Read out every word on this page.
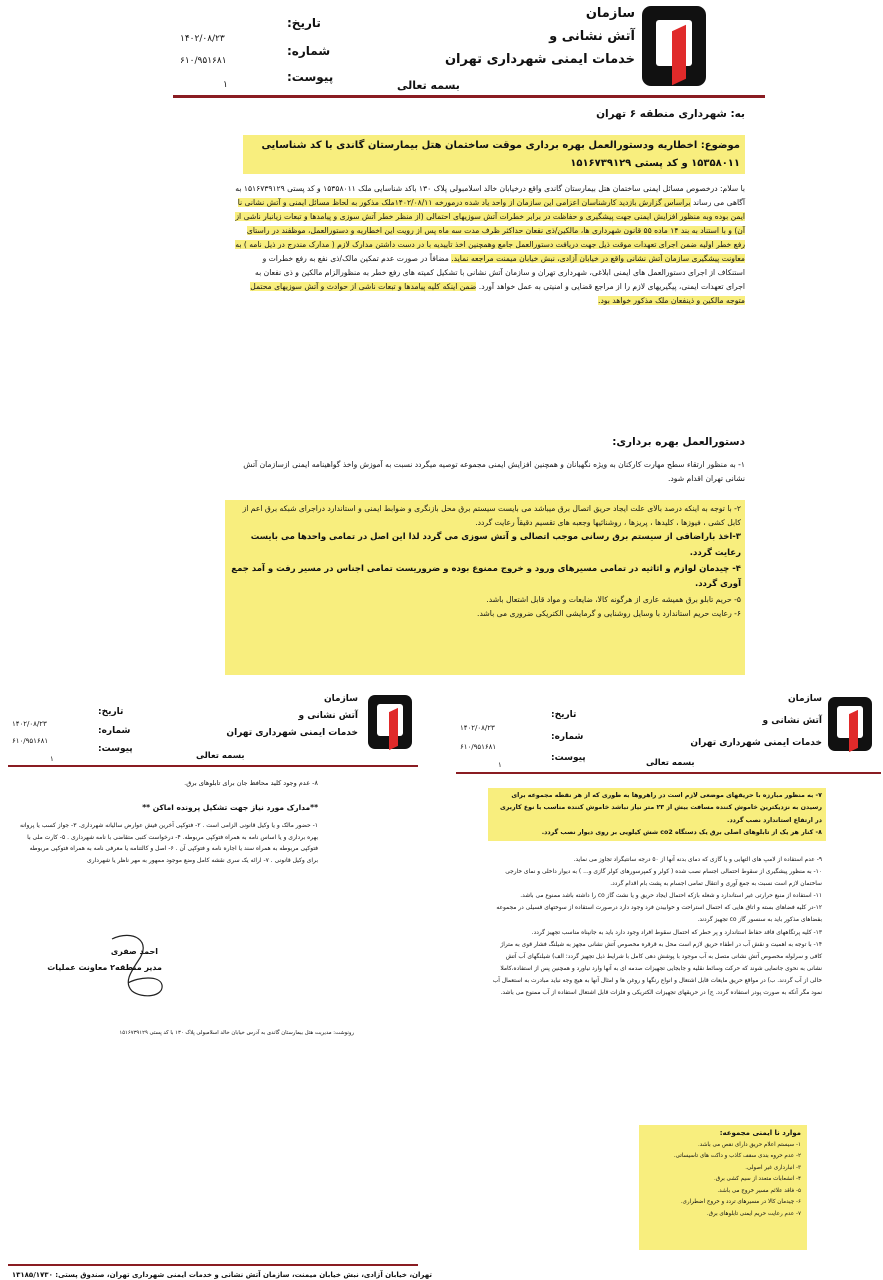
سازمان
آتش نشانی و
خدمات ایمنی شهرداری تهران
تاریخ:
شماره:
پیوست:
۱۴۰۲/۰۸/۲۳
۶۱۰/۹۵۱۶۸۱
۱	بسمه تعالی
به: شهرداری منطقه ۶ تهران
موضوع: اخطاریه ودستورالعمل بهره برداری موقت ساختمان هتل بیمارستان گاندی با کد شناسایی ۱۵۳۵۸۰۱۱ و کد پستی ۱۵۱۶۷۳۹۱۲۹
با سلام: درخصوص مسائل ایمنی ساختمان هتل بیمارستان گاندی واقع درخیابان خالد اسلامبولی پلاک ۱۳۰ باکد شناسایی ملک ۱۵۳۵۸۰۱۱ و کد پستی ۱۵۱۶۷۳۹۱۲۹ به آگاهی می رساند براساس گزارش بازدید کارشناسان اعزامی این سازمان از واحد یاد شده درمورخه ۱۴۰۲/۰۸/۱۱ملک مذکور به لحاظ مسائل ایمنی و آتش نشانی نا ایمن بوده وبه منظور افزایش ایمنی جهت پیشگیری و حفاظت در برابر خطرات آتش سوزیهای احتمالی (از منظر خطر آتش سوزی و پیامدها و تبعات زیانبار ناشی از آن) و با استناد به بند ۱۴ ماده ۵۵ قانون شهرداری ها، مالکین/ذی نفعان حداکثر ظرف مدت سه ماه پس از رویت این اخطاریه و دستورالعمل، موظفند در راستای رفع خطر اولیه ضمن اجرای تعهدات موقت ذیل جهت دریافت دستورالعمل جامع وهمچنین اخذ تاییدیه با در دست داشتن مدارک لازم ( مدارک مندرج در ذیل نامه ) به معاونت پیشگیری سازمان آتش نشانی واقع در خیابان آزادی، نبش خیابان میمنت مراجعه نماید. مضافاً در صورت عدم تمکین مالک/ذی نفع به رفع خطرات و استنکاف از اجرای دستورالعمل های ایمنی ابلاغی، شهرداری تهران و سازمان آتش نشانی با تشکیل کمیته های رفع خطر به منظورالزام مالکین و ذی نفعان به اجرای تعهدات ایمنی، پیگیریهای لازم را از مراجع قضایی و امنیتی به عمل خواهد آورد. ضمن اینکه کلیه پیامدها و تبعات ناشی از حوادث و آتش سوزیهای محتمل متوجه مالکین و ذینفعان ملک مذکور خواهد بود.
دستورالعمل بهره برداری:
۱- به منظور ارتقاء سطح مهارت کارکنان به ویژه نگهبانان و همچنین افزایش ایمنی مجموعه توصیه میگردد نسبت به آموزش واخذ گواهینامه ایمنی ازسازمان آتش نشانی تهران اقدام شود.

۲- با توجه به اینکه درصد بالای علت ایجاد حریق اتصال برق میباشد می بایست سیستم برق محل بازنگری و ضوابط ایمنی و استاندارد دراجرای شبکه برق اعم از کابل کشی ، فیوزها ، کلیدها ، پریزها ، روشنائیها وجعبه های تقسیم دقیقاً رعایت گردد.

۳-اخذ باراضافی از سیستم برق رسانی موجب اتصالی و آتش سوزی می گردد لذا این اصل در تمامی واحدها می بایست رعایت گردد.

۴- چیدمان لوازم و اثاثیه در تمامی مسیرهای ورود و خروج ممنوع بوده و ضروریست تمامی اجناس در مسیر رفت و آمد جمع آوری گردد.

۵- حریم تابلو برق همیشه عاری از هرگونه کالا، ضایعات و مواد قابل اشتعال باشد.

۶- رعایت حریم استاندارد با وسایل روشنایی و گرمایشی الکتریکی ضروری می باشد.

سازمان
آتش نشانی و
خدمات ایمنی شهرداری تهران
تاریخ:
شماره:
پیوست:
۱۴۰۲/۰۸/۲۳
۶۱۰/۹۵۱۶۸۱
۱	بسمه تعالی
۸- عدم وجود کلید محافظ جان برای تابلوهای برق.
**مدارک مورد نیاز جهت تشکیل پرونده اماکن **
۱- حضور مالک و یا وکیل قانونی الزامی است . ۲- فتوکپی آخرین فیش عوارض سالیانه شهرداری. ۳- جواز کسب یا پروانه بهره برداری و یا اساس نامه به همراه فتوکپی مربوطه. ۴- درخواست کتبی متقاضی با نامه شهرداری . ۵- کارت ملی با فتوکپی مربوطه به همراه سند یا اجاره نامه و فتوکپی آن . ۶- اصل و کالتنامه یا معرفی نامه به همراه فتوکپی مربوطه برای وکیل قانونی . ۷- ارائه یک سری نقشه کامل وضع موجود ممهور به مهر ناظر یا شهرداری
احمد صفری
مدیر منطقه۲ معاونت عملیات
رونوشت: مدیریت هتل بیمارستان گاندی به آدرس خیابان خالد اسلامبولی پلاک ۱۳۰ با کد پستی ۱۵۱۶۷۳۹۱۲۹
تهران، خیابان آزادی، نبش خیابان میمنت، سازمان آتش نشانی و خدمات ایمنی شهرداری تهران، صندوق پستی: ۱۳۱۸۵/۱۷۳۰
سازمان
آتش نشانی و
خدمات ایمنی شهرداری تهران
تاریخ:
شماره:
پیوست:
۱۴۰۲/۰۸/۲۳
۶۱۰/۹۵۱۶۸۱
۱	بسمه تعالی

۷- به منظور مبارزه با حریقهای موضعی لازم است در راهروها به طوری که از هر نقطه مجموعه برای رسیدن به نزدیکترین خاموش کننده مسافت بیش از ۲۳ متر نیاز نباشد خاموش کننده مناسب با نوع کاربری در ارتفاع استاندارد نصب گردد.

۸- کنار هر یک از تابلوهای اصلی برق یک دستگاه co2 شش کیلویی بر روی دیوار نصب گردد.

۹- عدم استفاده از لامپ های التهابی و یا گازی که دمای بدنه آنها از ۵۰ درجه سانتیگراد تجاوز می نماید.

۱۰- به منظور پیشگیری از سقوط احتمالی اجسام نصب شده ( کولر و کمپرسورهای کولر گازی و... ) به دیوار داخلی و نمای خارجی ساختمان لازم است نسبت به جمع آوری و انتقال تمامی اجسام به پشت بام اقدام گردد.

۱۱- استفاده از منبع حرارتی غیر استاندارد و شعله بازکه احتمال ایجاد حریق و یا نشت گاز co را داشته باشد ممنوع می باشد.

۱۲-در کلیه فضاهای بسته و اتاق هایی که احتمال استراحت و خوابیدن فرد وجود دارد درصورت استفاده از سوختهای فسیلی در مجموعه بفضاهای مذکور باید به سنسور گاز co تجهیز گردند.

۱۳- کلیه پرتگاههای فاقد حفاظ استاندارد و پر خطر که احتمال سقوط افراد وجود دارد باید به جانپناه مناسب تجهیز گردد.

۱۴- با توجه به اهمیت و نقش آب در اطفاء حریق لازم است محل به قرقره مخصوص آتش نشانی مجهز به شیلنگ فشار قوی به متراژ کافی و سرلوله مخصوص آتش نشانی متصل به آب موجود با پوشش دهی کامل با شرایط ذیل تجهیز گردد: الف) شیلنگهای آب آتش نشانی به نحوی جانمایی شوند که حرکت وسائط نقلیه و جابجایی تجهیزات صدمه ای به آنها وارد نیاورد و همچنین پس از استفاده،کاملا خالی از آب گردند. ب) در مواقع حریق مایعات قابل اشتعال و انواع رنگها و روغن ها و امثال آنها به هیچ وجه نباید مبادرت به استعمال آب نمود مگر آنکه به صورت پودر استفاده گردد. ج) در حریقهای تجهیزات الکتریکی و فلزات قابل اشتعال استفاده از آب ممنوع می باشد.

موارد نا ایمنی مجموعه:

۱- سیستم اعلام حریق دارای نقص می باشد.

۲- عدم حروه بندی سقف کاذب و داکت های تاسیساتی.

۳- انبارداری غیر اصولی.

۴- انشعابات متعدد از سیم کشی برق.

۵- فاقد علائم مسیر خروج می باشد.

۶- چیدمان کالا در مسیرهای تردد و خروج اضطراری.

۷- عدم رعایت حریم ایمنی تابلوهای برق.
